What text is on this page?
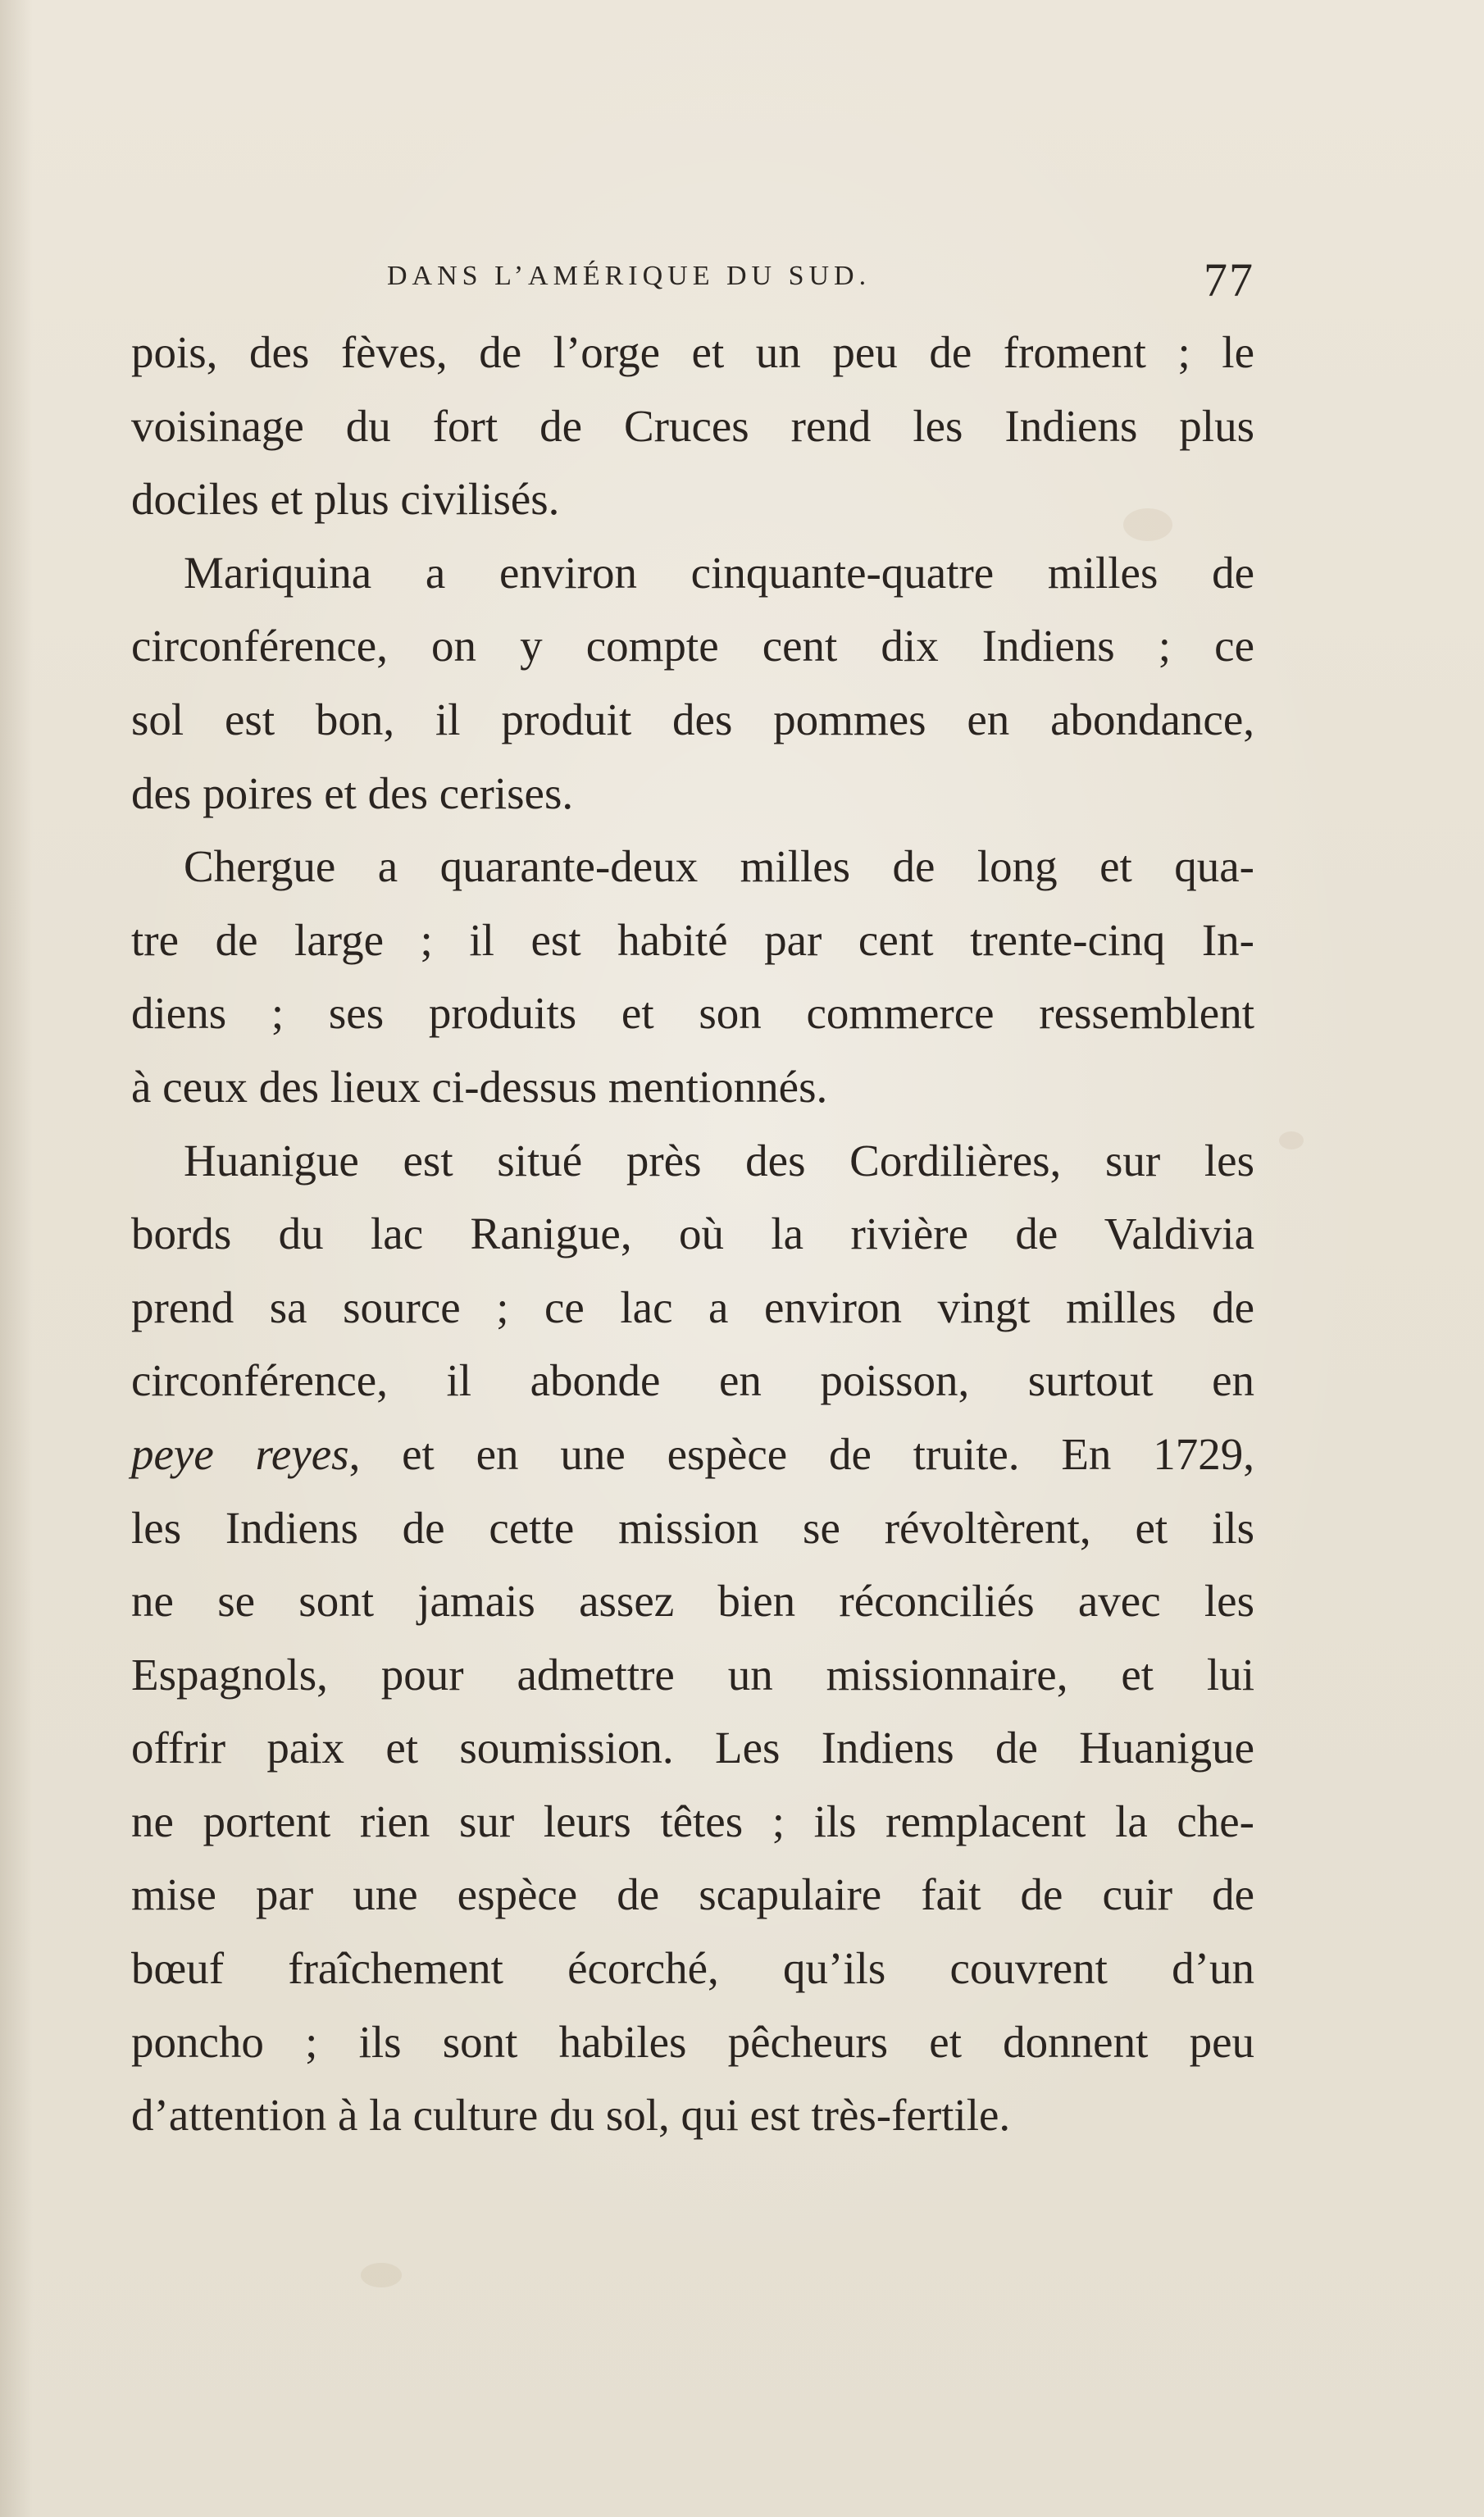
DANS L’AMÉRIQUE DU SUD.	77
pois, des fèves, de l’orge et un peu de froment ; le
voisinage du fort de Cruces rend les Indiens plus
dociles et plus civilisés.
Mariquina a environ cinquante-quatre milles de
circonférence, on y compte cent dix Indiens ; ce
sol est bon, il produit des pommes en abondance,
des poires et des cerises.
Chergue a quarante-deux milles de long et qua-
tre de large ; il est habité par cent trente-cinq In-
diens ; ses produits et son commerce ressemblent
à ceux des lieux ci-dessus mentionnés.
Huanigue est situé près des Cordilières, sur les
bords du lac Ranigue, où la rivière de Valdivia
prend sa source ; ce lac a environ vingt milles de
circonférence, il abonde en poisson, surtout en
peye reyes, et en une espèce de truite. En 1729,
les Indiens de cette mission se révoltèrent, et ils
ne se sont jamais assez bien réconciliés avec les
Espagnols, pour admettre un missionnaire, et lui
offrir paix et soumission. Les Indiens de Huanigue
ne portent rien sur leurs têtes ; ils remplacent la che-
mise par une espèce de scapulaire fait de cuir de
bœuf fraîchement écorché, qu’ils couvrent d’un
poncho ; ils sont habiles pêcheurs et donnent peu
d’attention à la culture du sol, qui est très-fertile.
